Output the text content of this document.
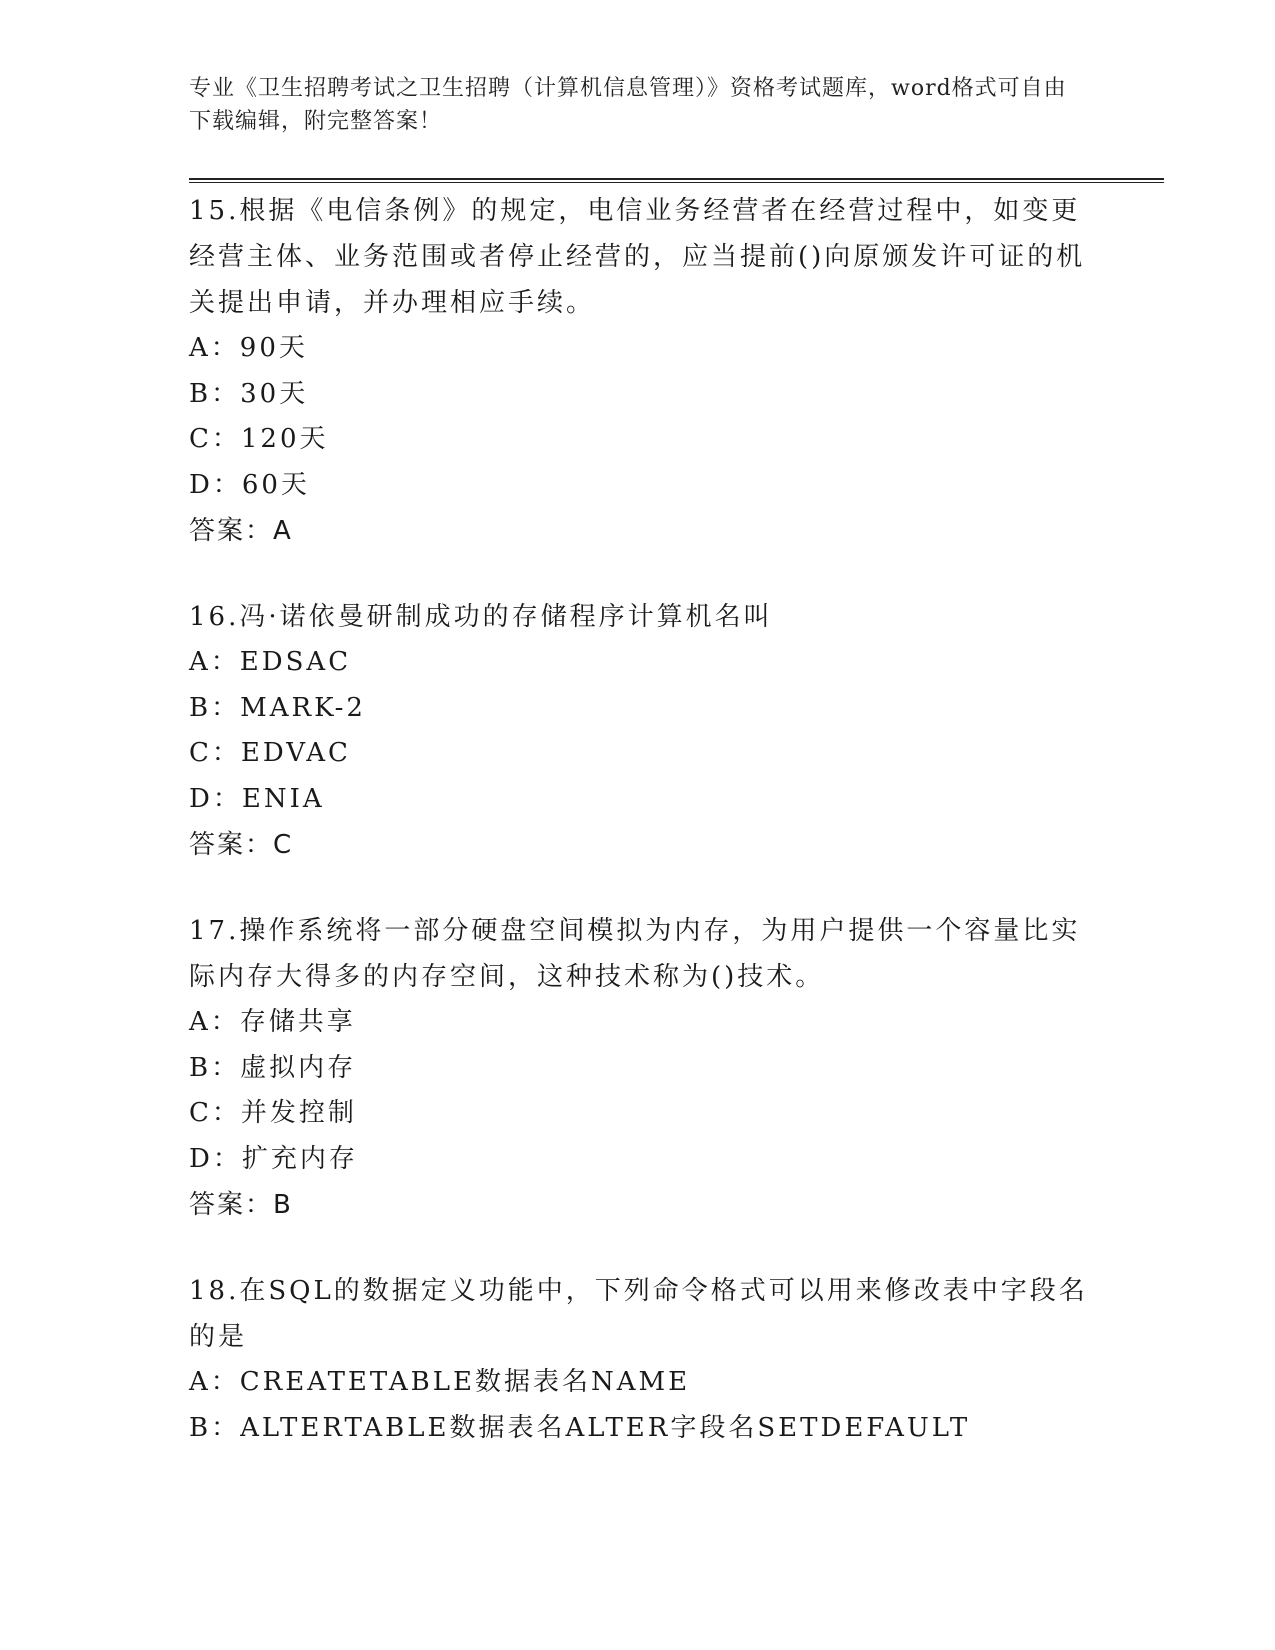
专业《卫生招聘考试之卫生招聘（计算机信息管理）》资格考试题库，word格式可自由下载编辑，附完整答案！
15.根据《电信条例》的规定，电信业务经营者在经营过程中，如变更经营主体、业务范围或者停止经营的，应当提前()向原颁发许可证的机关提出申请，并办理相应手续。
A：90天
B：30天
C：120天
D：60天
答案：A
16.冯·诺依曼研制成功的存储程序计算机名叫
A：EDSAC
B：MARK-2
C：EDVAC
D：ENIA
答案：C
17.操作系统将一部分硬盘空间模拟为内存，为用户提供一个容量比实际内存大得多的内存空间，这种技术称为()技术。
A：存储共享
B：虚拟内存
C：并发控制
D：扩充内存
答案：B
18.在SQL的数据定义功能中，下列命令格式可以用来修改表中字段名的是
A：CREATETABLE数据表名NAME
B：ALTERTABLE数据表名ALTER字段名SETDEFAULT
